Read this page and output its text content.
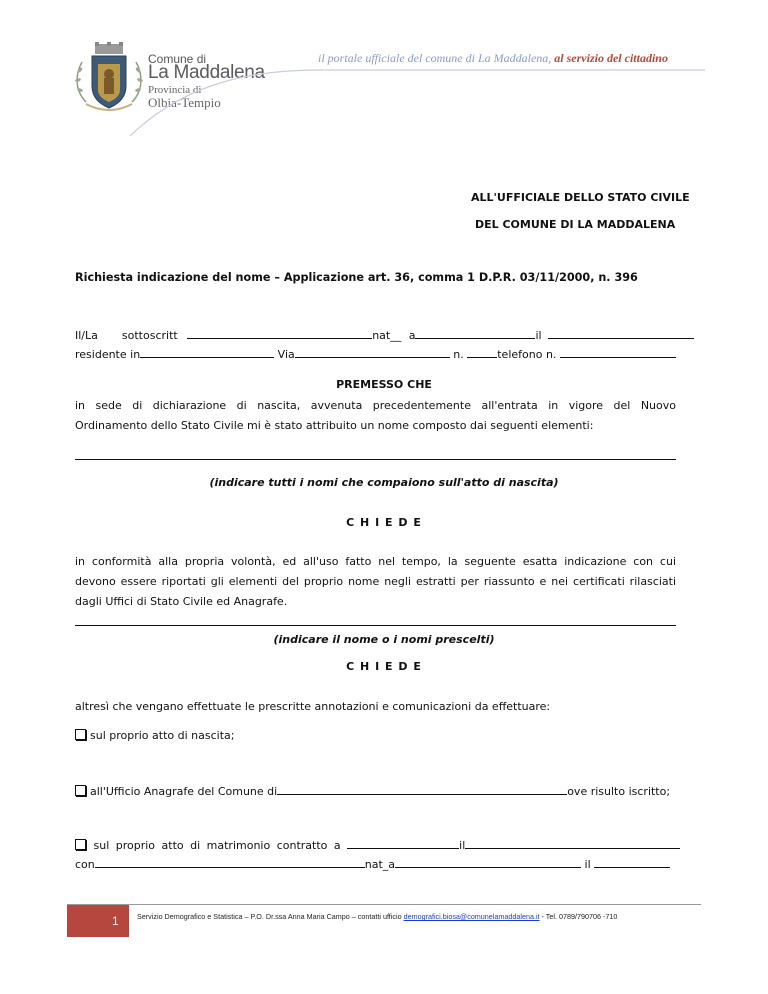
Comune di
La Maddalena
Provincia di
Olbia-Tempio
il portale ufficiale del comune di La Maddalena, al servizio del cittadino
ALL'UFFICIALE DELLO STATO CIVILE
DEL COMUNE DI LA MADDALENA
Richiesta indicazione del nome – Applicazione art. 36, comma 1 D.P.R. 03/11/2000, n. 396
Il/La sottoscritt	nat__ a	il
residente in	Via	n.	telefono n.
PREMESSO CHE
in sede di dichiarazione di nascita, avvenuta precedentemente all'entrata in vigore del Nuovo
Ordinamento dello Stato Civile mi è stato attribuito un nome composto dai seguenti elementi:
(indicare tutti i nomi che compaiono sull'atto di nascita)
C H I E D E
in conformità alla propria volontà, ed all'uso fatto nel tempo, la seguente esatta indicazione con cui
devono essere riportati gli elementi del proprio nome negli estratti per riassunto e nei certificati rilasciati
dagli Uffici di Stato Civile ed Anagrafe.
(indicare il nome o i nomi prescelti)
C H I E D E
altresì che vengano effettuate le prescritte annotazioni e comunicazioni da effettuare:
sul proprio atto di nascita;
all'Ufficio Anagrafe del Comune di	ove risulto iscritto;
sul proprio atto di matrimonio contratto a	il
con	nat_a	il
1	Servizio Demografico e Statistica – P.O. Dr.ssa Anna Maria Campo – contatti ufficio demografici.biosa@comunelamaddalena.it - Tel. 0789/790706 -710
